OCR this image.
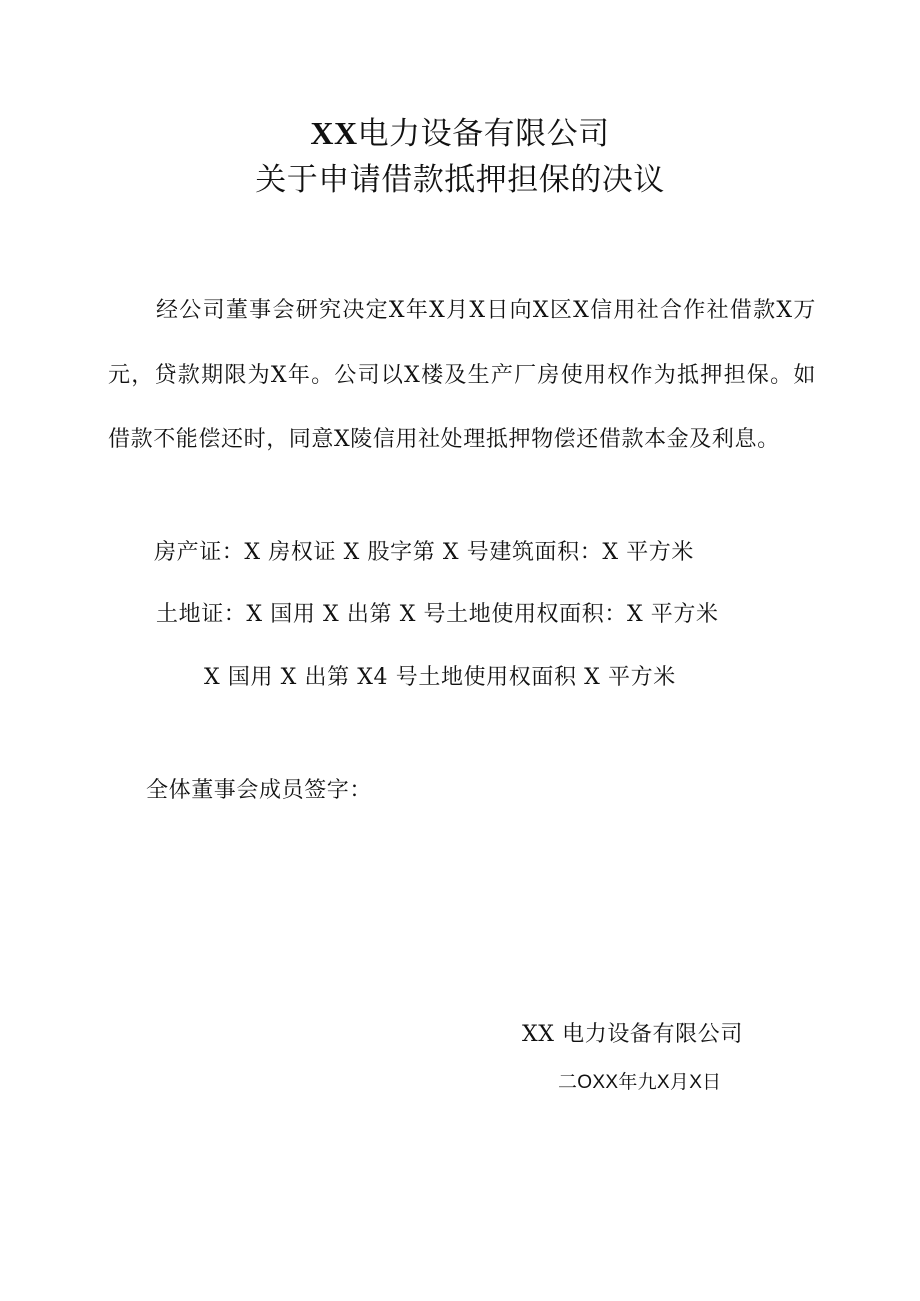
XX电力设备有限公司
关于申请借款抵押担保的决议
经公司董事会研究决定X年X月X日向X区X信用社合作社借款X万元，贷款期限为X年。公司以X楼及生产厂房使用权作为抵押担保。如借款不能偿还时，同意X陵信用社处理抵押物偿还借款本金及利息。
房产证：X 房权证 X 股字第 X 号建筑面积：X 平方米
土地证：X 国用 X 出第 X 号土地使用权面积：X 平方米
X 国用 X 出第 X4 号土地使用权面积 X 平方米
全体董事会成员签字：
XX 电力设备有限公司
二OXX年九X月X日
